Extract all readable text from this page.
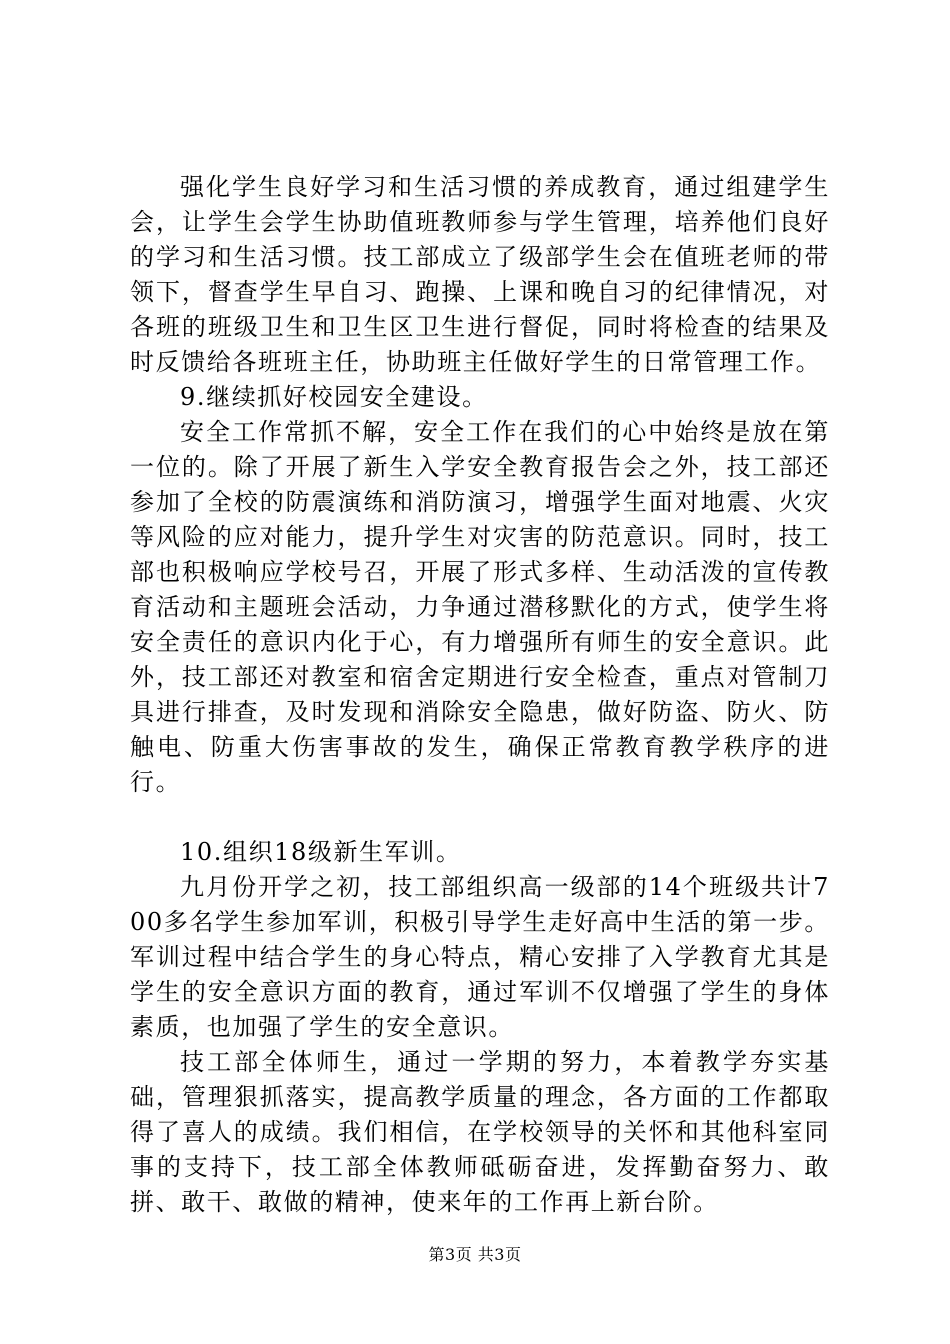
强化学生良好学习和生活习惯的养成教育，通过组建学生会，让学生会学生协助值班教师参与学生管理，培养他们良好的学习和生活习惯。技工部成立了级部学生会在值班老师的带领下，督查学生早自习、跑操、上课和晚自习的纪律情况，对各班的班级卫生和卫生区卫生进行督促，同时将检查的结果及时反馈给各班班主任，协助班主任做好学生的日常管理工作。

9.继续抓好校园安全建设。

安全工作常抓不解，安全工作在我们的心中始终是放在第一位的。除了开展了新生入学安全教育报告会之外，技工部还参加了全校的防震演练和消防演习，增强学生面对地震、火灾等风险的应对能力，提升学生对灾害的防范意识。同时，技工部也积极响应学校号召，开展了形式多样、生动活泼的宣传教育活动和主题班会活动，力争通过潜移默化的方式，使学生将安全责任的意识内化于心，有力增强所有师生的安全意识。此外，技工部还对教室和宿舍定期进行安全检查，重点对管制刀具进行排查，及时发现和消除安全隐患，做好防盗、防火、防触电、防重大伤害事故的发生，确保正常教育教学秩序的进行。

10.组织18级新生军训。

九月份开学之初，技工部组织高一级部的14个班级共计700多名学生参加军训，积极引导学生走好高中生活的第一步。军训过程中结合学生的身心特点，精心安排了入学教育尤其是学生的安全意识方面的教育，通过军训不仅增强了学生的身体素质，也加强了学生的安全意识。

技工部全体师生，通过一学期的努力，本着教学夯实基础，管理狠抓落实，提高教学质量的理念，各方面的工作都取得了喜人的成绩。我们相信，在学校领导的关怀和其他科室同事的支持下，技工部全体教师砥砺奋进，发挥勤奋努力、敢拼、敢干、敢做的精神，使来年的工作再上新台阶。

第3页 共3页
